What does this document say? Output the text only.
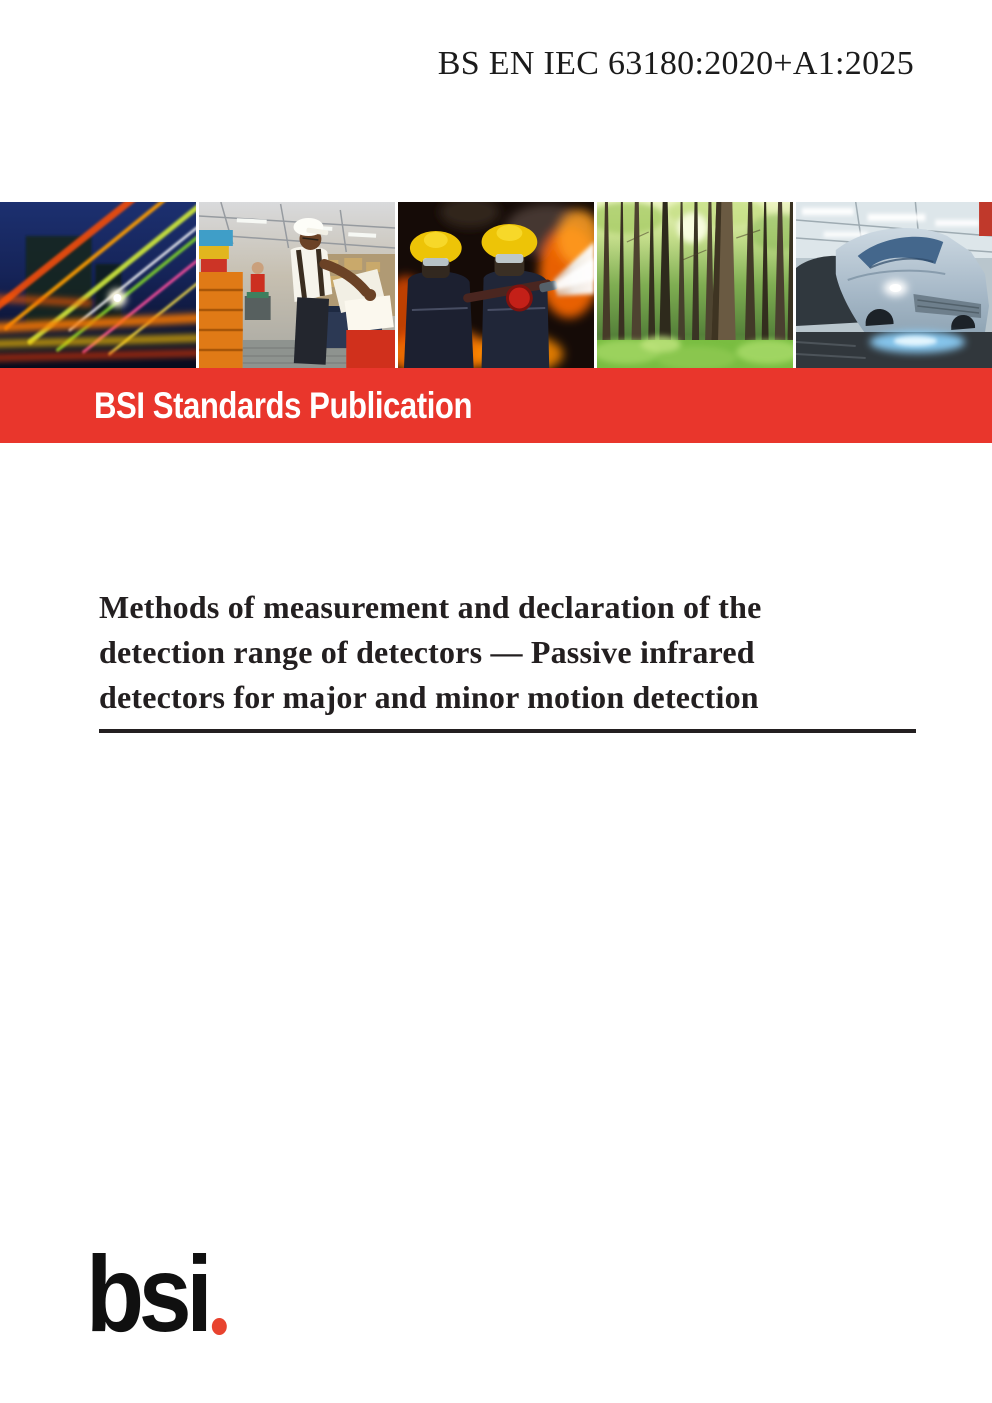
BS EN IEC 63180:2020+A1:2025
BSI Standards Publication
Methods of measurement and declaration of the
detection range of detectors — Passive infrared
detectors for major and minor motion detection
bsi
